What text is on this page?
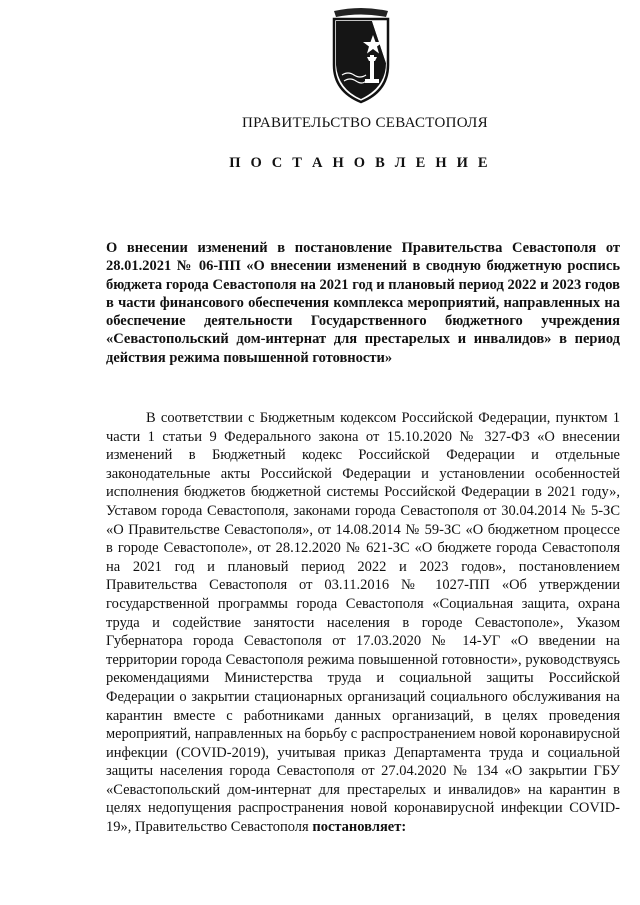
ПРАВИТЕЛЬСТВО СЕВАСТОПОЛЯ
П О С Т А Н О В Л Е Н И Е
О внесении изменений в постановление Правительства Севастополя от 28.01.2021 № 06-ПП «О внесении изменений в сводную бюджетную роспись бюджета города Севастополя на 2021 год и плановый период 2022 и 2023 годов в части финансового обеспечения комплекса мероприятий, направленных на обеспечение деятельности Государственного бюджетного учреждения «Севастопольский дом-интернат для престарелых и инвалидов» в период действия режима повышенной готовности»
В соответствии с Бюджетным кодексом Российской Федерации, пунктом 1 части 1 статьи 9 Федерального закона от 15.10.2020 № 327-ФЗ «О внесении изменений в Бюджетный кодекс Российской Федерации и отдельные законодательные акты Российской Федерации и установлении особенностей исполнения бюджетов бюджетной системы Российской Федерации в 2021 году», Уставом города Севастополя, законами города Севастополя от 30.04.2014 № 5-ЗС «О Правительстве Севастополя», от 14.08.2014 № 59-ЗС «О бюджетном процессе в городе Севастополе», от 28.12.2020 № 621-ЗС «О бюджете города Севастополя на 2021 год и плановый период 2022 и 2023 годов», постановлением Правительства Севастополя от 03.11.2016 № 1027-ПП «Об утверждении государственной программы города Севастополя «Социальная защита, охрана труда и содействие занятости населения в городе Севастополе», Указом Губернатора города Севастополя от 17.03.2020 № 14-УГ «О введении на территории города Севастополя режима повышенной готовности», руководствуясь рекомендациями Министерства труда и социальной защиты Российской Федерации о закрытии стационарных организаций социального обслуживания на карантин вместе с работниками данных организаций, в целях проведения мероприятий, направленных на борьбу с распространением новой коронавирусной инфекции (COVID-2019), учитывая приказ Департамента труда и социальной защиты населения города Севастополя от 27.04.2020 № 134 «О закрытии ГБУ «Севастопольский дом-интернат для престарелых и инвалидов» на карантин в целях недопущения распространения новой коронавирусной инфекции COVID-19», Правительство Севастополя постановляет:
